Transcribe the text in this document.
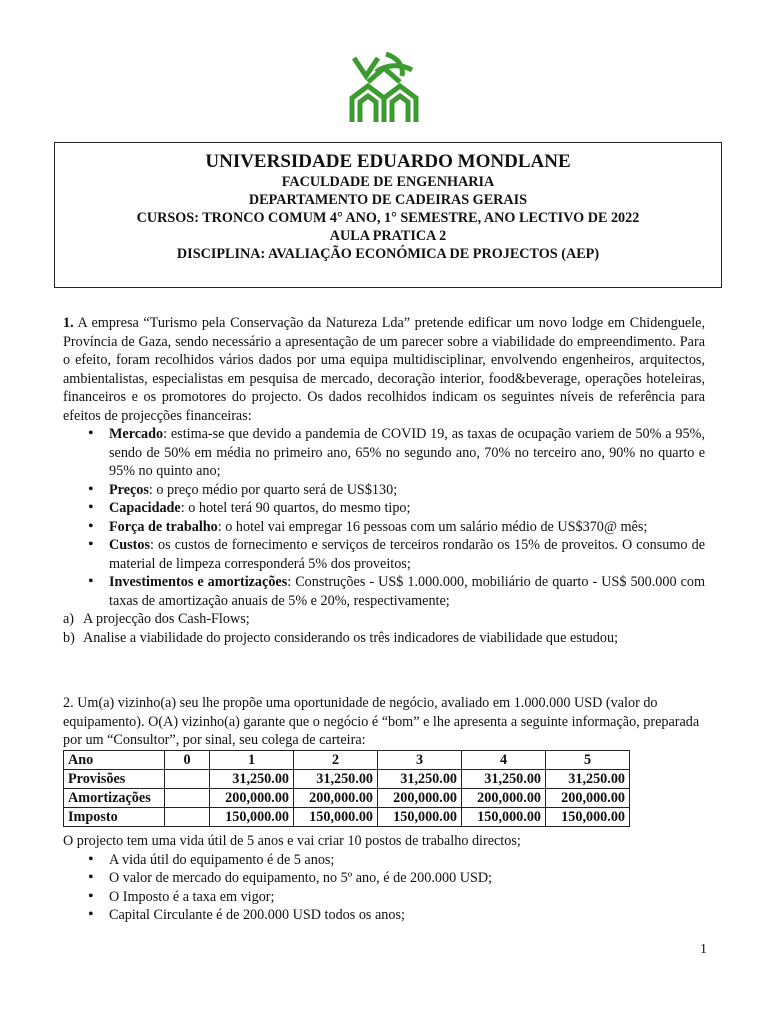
UNIVERSIDADE EDUARDO MONDLANE
FACULDADE DE ENGENHARIA
DEPARTAMENTO DE CADEIRAS GERAIS
CURSOS: TRONCO COMUM 4° ANO, 1° SEMESTRE, ANO LECTIVO DE 2022
AULA PRATICA 2
DISCIPLINA: AVALIAÇÃO ECONÓMICA DE PROJECTOS (AEP)

1. A empresa “Turismo pela Conservação da Natureza Lda” pretende edificar um novo lodge em Chidenguele, Província de Gaza, sendo necessário a apresentação de um parecer sobre a viabilidade do empreendimento. Para o efeito, foram recolhidos vários dados por uma equipa multidisciplinar, envolvendo engenheiros, arquitectos, ambientalistas, especialistas em pesquisa de mercado, decoração interior, food&beverage, operações hoteleiras, financeiros e os promotores do projecto. Os dados recolhidos indicam os seguintes níveis de referência para efeitos de projecções financeiras:

• Mercado: estima-se que devido a pandemia de COVID 19, as taxas de ocupação variem de 50% a 95%, sendo de 50% em média no primeiro ano, 65% no segundo ano, 70% no terceiro ano, 90% no quarto e 95% no quinto ano;
• Preços: o preço médio por quarto será de US$130;
• Capacidade: o hotel terá 90 quartos, do mesmo tipo;
• Força de trabalho: o hotel vai empregar 16 pessoas com um salário médio de US$370@ mês;
• Custos: os custos de fornecimento e serviços de terceiros rondarão os 15% de proveitos. O consumo de material de limpeza corresponderá 5% dos proveitos;
• Investimentos e amortizações: Construções - US$ 1.000.000, mobiliário de quarto - US$ 500.000 com taxas de amortização anuais de 5% e 20%, respectivamente;

a) A projecção dos Cash-Flows;

b) Analise a viabilidade do projecto considerando os três indicadores de viabilidade que estudou;

2. Um(a) vizinho(a) seu lhe propõe uma oportunidade de negócio, avaliado em 1.000.000 USD (valor do equipamento). O(A) vizinho(a) garante que o negócio é “bom” e lhe apresenta a seguinte informação, preparada por um “Consultor”, por sinal, seu colega de carteira:

Ano	0	1	2	3	4	5
Provisões		31,250.00	31,250.00	31,250.00	31,250.00	31,250.00
Amortizações		200,000.00	200,000.00	200,000.00	200,000.00	200,000.00
Imposto		150,000.00	150,000.00	150,000.00	150,000.00	150,000.00

O projecto tem uma vida útil de 5 anos e vai criar 10 postos de trabalho directos;

• A vida útil do equipamento é de 5 anos;
• O valor de mercado do equipamento, no 5º ano, é de 200.000 USD;
• O Imposto é a taxa em vigor;
• Capital Circulante é de 200.000 USD todos os anos;
1
